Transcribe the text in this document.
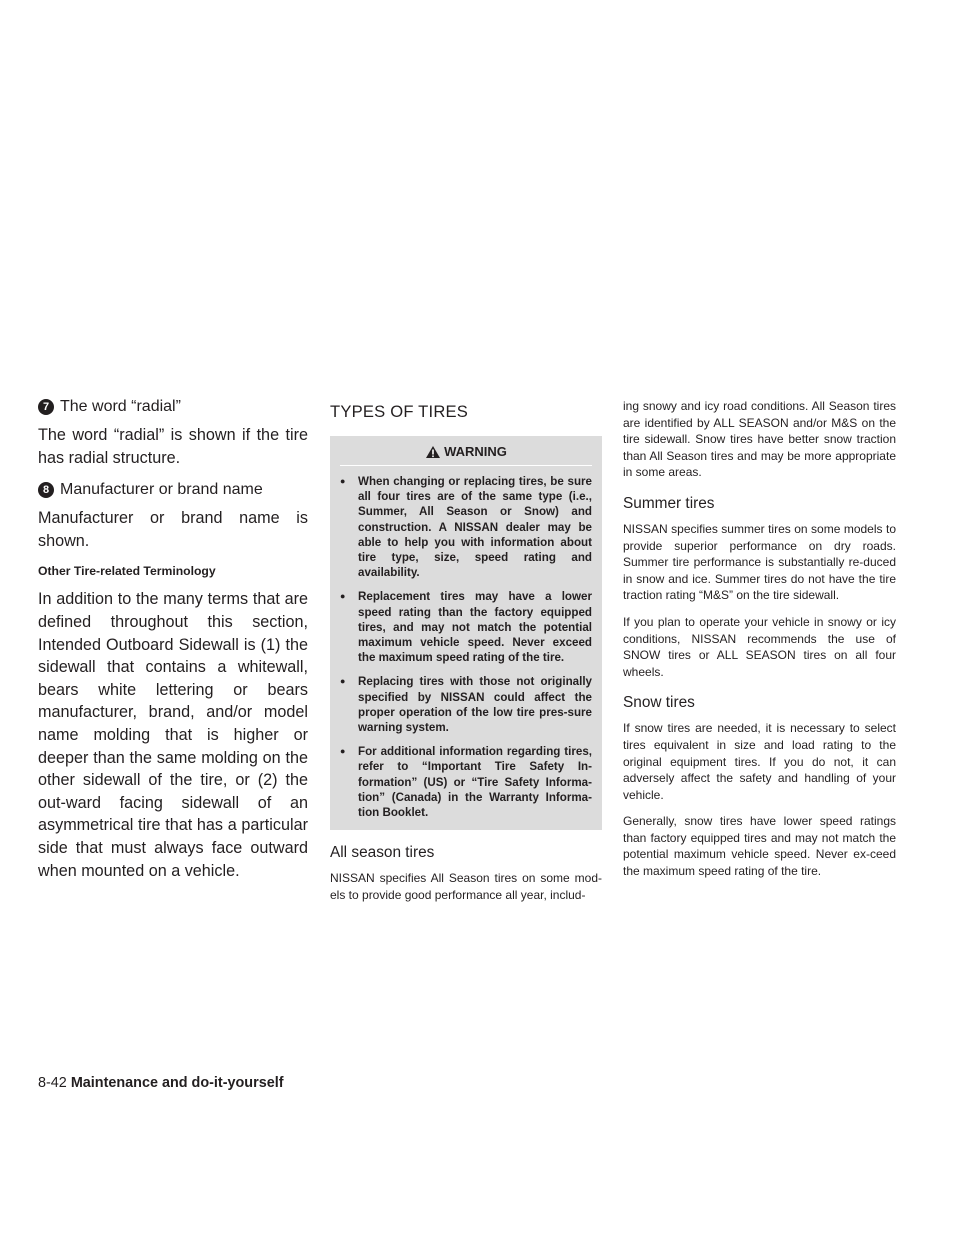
7 The word “radial”

The word “radial” is shown if the tire has radial structure.

8 Manufacturer or brand name

Manufacturer or brand name is shown.

Other Tire-related Terminology

In addition to the many terms that are defined throughout this section, Intended Outboard Sidewall is (1) the sidewall that contains a whitewall, bears white lettering or bears manufacturer, brand, and/or model name molding that is higher or deeper than the same molding on the other sidewall of the tire, or (2) the out-ward facing sidewall of an asymmetrical tire that has a particular side that must always face outward when mounted on a vehicle.

TYPES OF TIRES
WARNING
● When changing or replacing tires, be sure all four tires are of the same type (i.e., Summer, All Season or Snow) and construction. A NISSAN dealer may be able to help you with information about tire type, size, speed rating and availability.
● Replacement tires may have a lower speed rating than the factory equipped tires, and may not match the potential maximum vehicle speed. Never exceed the maximum speed rating of the tire.
● Replacing tires with those not originally specified by NISSAN could affect the proper operation of the low tire pres-sure warning system.
● For additional information regarding tires, refer to “Important Tire Safety In-formation” (US) or “Tire Safety Informa-tion” (Canada) in the Warranty Informa-tion Booklet.
All season tires

NISSAN specifies All Season tires on some mod-els to provide good performance all year, includ-

ing snowy and icy road conditions. All Season tires are identified by ALL SEASON and/or M&S on the tire sidewall. Snow tires have better snow traction than All Season tires and may be more appropriate in some areas.

Summer tires

NISSAN specifies summer tires on some models to provide superior performance on dry roads. Summer tire performance is substantially re-duced in snow and ice. Summer tires do not have the tire traction rating “M&S” on the tire sidewall.

If you plan to operate your vehicle in snowy or icy conditions, NISSAN recommends the use of SNOW tires or ALL SEASON tires on all four wheels.

Snow tires

If snow tires are needed, it is necessary to select tires equivalent in size and load rating to the original equipment tires. If you do not, it can adversely affect the safety and handling of your vehicle.

Generally, snow tires have lower speed ratings than factory equipped tires and may not match the potential maximum vehicle speed. Never ex-ceed the maximum speed rating of the tire.

8-42 Maintenance and do-it-yourself
